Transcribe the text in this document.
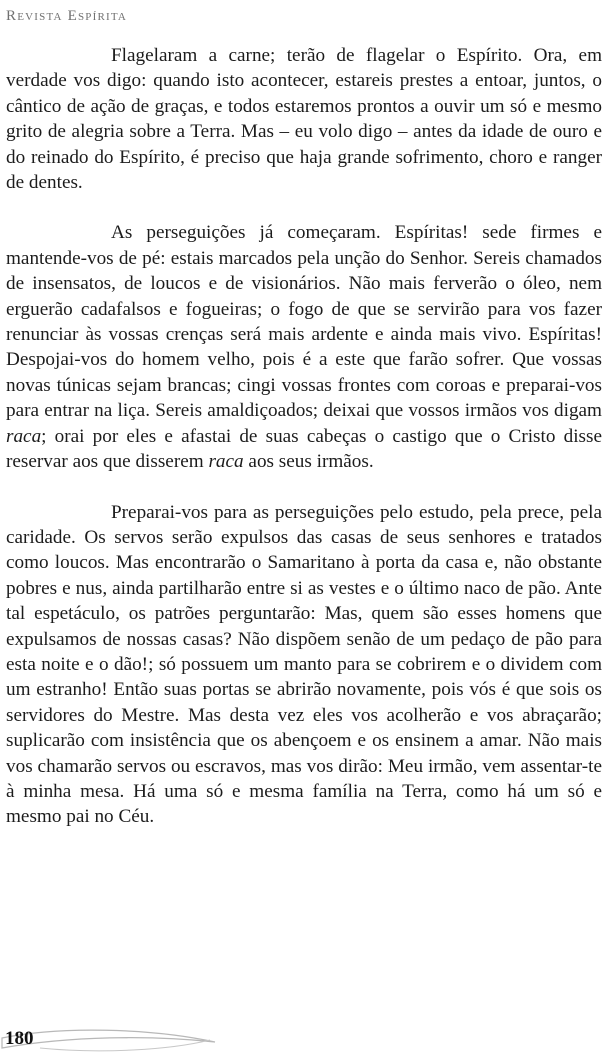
Revista Espírita

Flagelaram a carne; terão de flagelar o Espírito. Ora, em verdade vos digo: quando isto acontecer, estareis prestes a entoar, juntos, o cântico de ação de graças, e todos estaremos prontos a ouvir um só e mesmo grito de alegria sobre a Terra. Mas – eu volo digo – antes da idade de ouro e do reinado do Espírito, é preciso que haja grande sofrimento, choro e ranger de dentes.

As perseguições já começaram. Espíritas! sede firmes e mantende-vos de pé: estais marcados pela unção do Senhor. Sereis chamados de insensatos, de loucos e de visionários. Não mais ferverão o óleo, nem erguerão cadafalsos e fogueiras; o fogo de que se servirão para vos fazer renunciar às vossas crenças será mais ardente e ainda mais vivo. Espíritas! Despojai-vos do homem velho, pois é a este que farão sofrer. Que vossas novas túnicas sejam brancas; cingi vossas frontes com coroas e preparai-vos para entrar na liça. Sereis amaldiçoados; deixai que vossos irmãos vos digam raca; orai por eles e afastai de suas cabeças o castigo que o Cristo disse reservar aos que disserem raca aos seus irmãos.

Preparai-vos para as perseguições pelo estudo, pela prece, pela caridade. Os servos serão expulsos das casas de seus senhores e tratados como loucos. Mas encontrarão o Samaritano à porta da casa e, não obstante pobres e nus, ainda partilharão entre si as vestes e o último naco de pão. Ante tal espetáculo, os patrões perguntarão: Mas, quem são esses homens que expulsamos de nossas casas? Não dispõem senão de um pedaço de pão para esta noite e o dão!; só possuem um manto para se cobrirem e o dividem com um estranho! Então suas portas se abrirão novamente, pois vós é que sois os servidores do Mestre. Mas desta vez eles vos acolherão e vos abraçarão; suplicarão com insistência que os abençoem e os ensinem a amar. Não mais vos chamarão servos ou escravos, mas vos dirão: Meu irmão, vem assentar-te à minha mesa. Há uma só e mesma família na Terra, como há um só e mesmo pai no Céu.

180
